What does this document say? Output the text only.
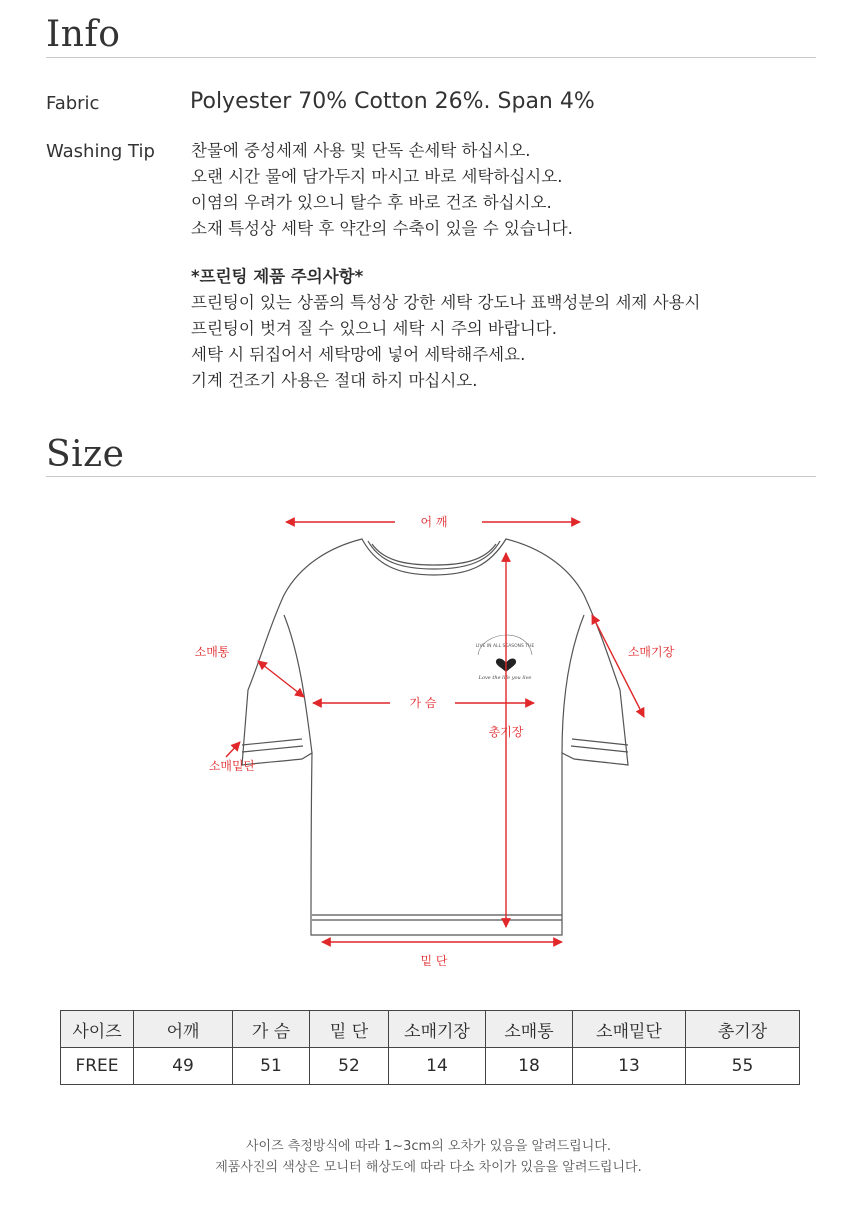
Info
Fabric	Polyester 70% Cotton 26%. Span 4%
Washing Tip 찬물에 중성세제 사용 및 단독 손세탁 하십시오.
오랜 시간 물에 담가두지 마시고 바로 세탁하십시오.
이염의 우려가 있으니 탈수 후 바로 건조 하십시오.
소재 특성상 세탁 후 약간의 수축이 있을 수 있습니다.
*프린팅 제품 주의사항*
프린팅이 있는 상품의 특성상 강한 세탁 강도나 표백성분의 세제 사용시
프린팅이 벗겨 질 수 있으니 세탁 시 주의 바랍니다.
세탁 시 뒤집어서 세탁망에 넣어 세탁해주세요.
기계 건조기 사용은 절대 하지 마십시오.
Size
LIVE IN ALL SEASONS THE
Love the life you live
어 깨
가 슴
밑 단
소매통	소매기장
소매밑단
총기장
사이즈	어깨	가 슴	밑 단	소매기장	소매통	소매밑단	총기장
FREE	49	51	52	14	18	13	55
사이즈 측정방식에 따라 1~3cm의 오차가 있음을 알려드립니다.
제품사진의 색상은 모니터 해상도에 따라 다소 차이가 있음을 알려드립니다.
